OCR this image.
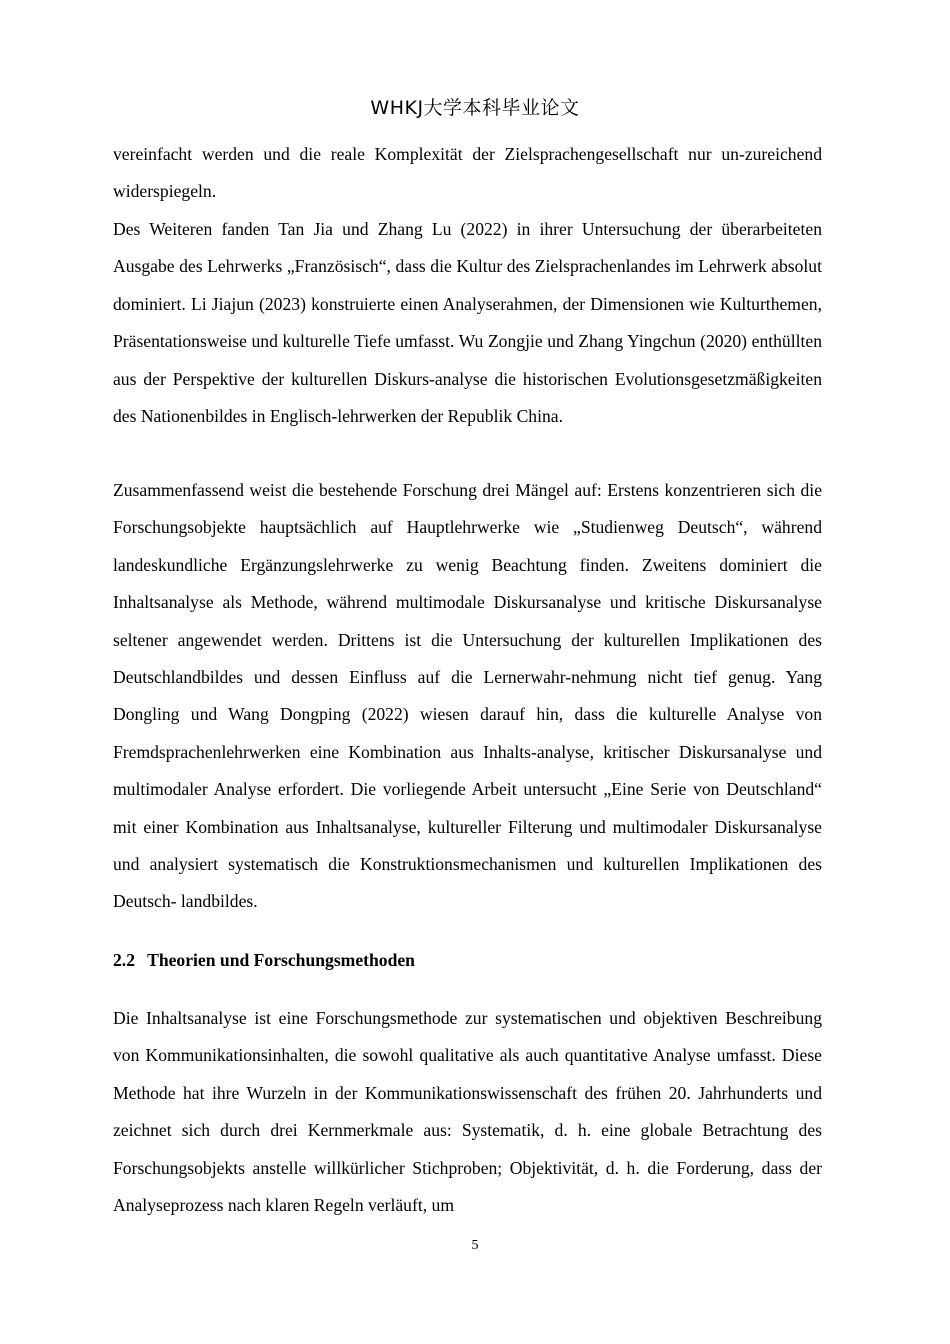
WHKJ大学本科毕业论文

vereinfacht werden und die reale Komplexität der Zielsprachengesellschaft nur un-zureichend widerspiegeln.

Des Weiteren fanden Tan Jia und Zhang Lu (2022) in ihrer Untersuchung der überarbeiteten Ausgabe des Lehrwerks „Französisch“, dass die Kultur des Zielsprachenlandes im Lehrwerk absolut dominiert. Li Jiajun (2023) konstruierte einen Analyserahmen, der Dimensionen wie Kulturthemen, Präsentationsweise und kulturelle Tiefe umfasst. Wu Zongjie und Zhang Yingchun (2020) enthüllten aus der Perspektive der kulturellen Diskurs-analyse die historischen Evolutionsgesetzmäßigkeiten des Nationenbildes in Englisch-lehrwerken der Republik China.

Zusammenfassend weist die bestehende Forschung drei Mängel auf: Erstens konzentrieren sich die Forschungsobjekte hauptsächlich auf Hauptlehrwerke wie „Studienweg Deutsch“, während landeskundliche Ergänzungslehrwerke zu wenig Beachtung finden. Zweitens dominiert die Inhaltsanalyse als Methode, während multimodale Diskursanalyse und kritische Diskursanalyse seltener angewendet werden. Drittens ist die Untersuchung der kulturellen Implikationen des Deutschlandbildes und dessen Einfluss auf die Lernerwahr-nehmung nicht tief genug. Yang Dongling und Wang Dongping (2022) wiesen darauf hin, dass die kulturelle Analyse von Fremdsprachenlehrwerken eine Kombination aus Inhalts-analyse, kritischer Diskursanalyse und multimodaler Analyse erfordert. Die vorliegende Arbeit untersucht „Eine Serie von Deutschland“ mit einer Kombination aus Inhaltsanalyse, kultureller Filterung und multimodaler Diskursanalyse und analysiert systematisch die Konstruktionsmechanismen und kulturellen Implikationen des Deutsch- landbildes.

2.2 Theorien und Forschungsmethoden

Die Inhaltsanalyse ist eine Forschungsmethode zur systematischen und objektiven Beschreibung von Kommunikationsinhalten, die sowohl qualitative als auch quantitative Analyse umfasst. Diese Methode hat ihre Wurzeln in der Kommunikationswissenschaft des frühen 20. Jahrhunderts und zeichnet sich durch drei Kernmerkmale aus: Systematik, d. h. eine globale Betrachtung des Forschungsobjekts anstelle willkürlicher Stichproben; Objektivität, d. h. die Forderung, dass der Analyseprozess nach klaren Regeln verläuft, um

5
